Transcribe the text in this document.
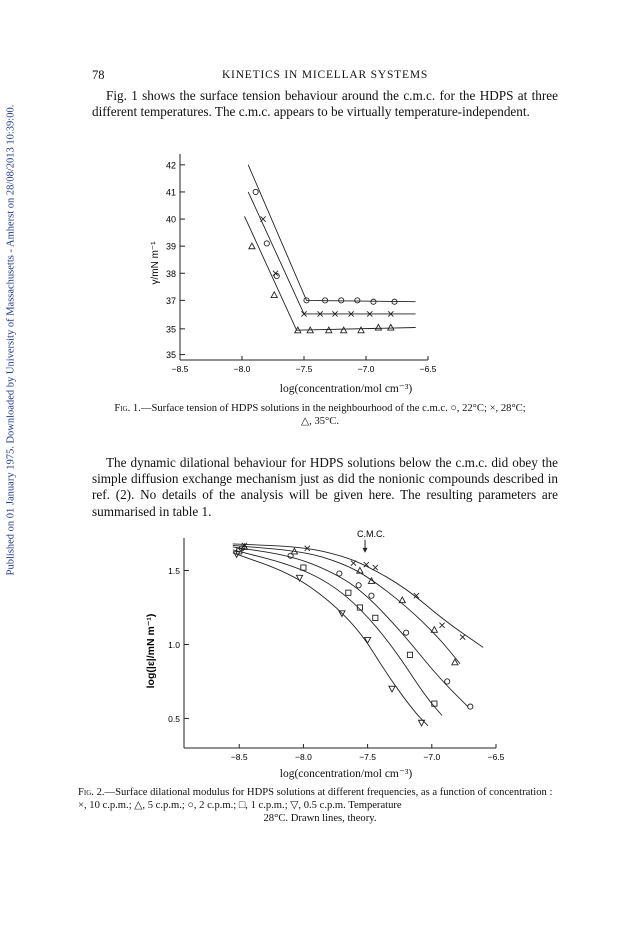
Published on 01 January 1975. Downloaded by University of Massachusetts - Amherst on 28/08/2013 10:39:00.
78	KINETICS IN MICELLAR SYSTEMS

Fig. 1 shows the surface tension behaviour around the c.m.c. for the HDPS at three different temperatures. The c.m.c. appears to be virtually temperature-independent.

42
41
40
39
38
37
35
35
−8.5	−8.0	−7.5	−7.0	−6.5
γ/mN m⁻¹
log(concentration/mol cm⁻³)
Fig. 1.—Surface tension of HDPS solutions in the neighbourhood of the c.m.c. ○, 22°C; ×, 28°C;
△, 35°C.

The dynamic dilational behaviour for HDPS solutions below the c.m.c. did obey the simple diffusion exchange mechanism just as did the nonionic compounds described in ref. (2). No details of the analysis will be given here. The resulting parameters are summarised in table 1.

1.5
1.0
0.5
−8.5	−8.0	−7.5	−7.0	−6.5
log(|ε|/mN m⁻¹)
C.M.C.
log(concentration/mol cm⁻³)
Fig. 2.—Surface dilational modulus for HDPS solutions at different frequencies, as a function of concentration : ×, 10 c.p.m.; △, 5 c.p.m.; ○, 2 c.p.m.; □, 1 c.p.m.; ▽, 0.5 c.p.m. Temperature
28°C. Drawn lines, theory.
